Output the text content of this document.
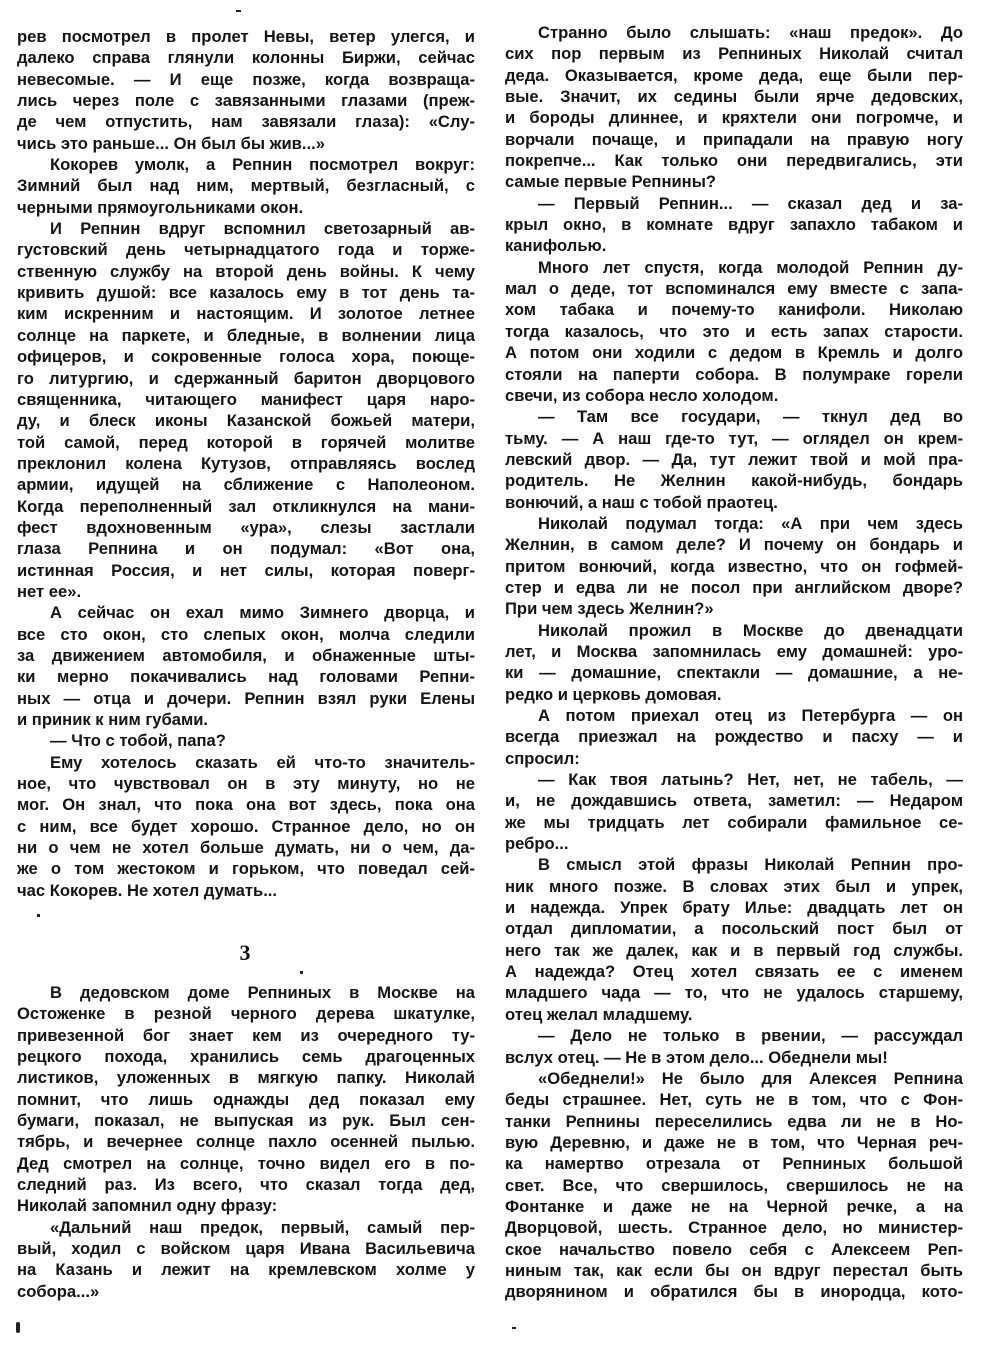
рев посмотрел в пролет Невы, ветер улегся, и
далеко справа глянули колонны Биржи, сейчас
невесомые. — И еще позже, когда возвраща-
лись через поле с завязанными глазами (преж-
де чем отпустить, нам завязали глаза): «Слу-
чись это раньше... Он был бы жив...»
Кокорев умолк, а Репнин посмотрел вокруг:
Зимний был над ним, мертвый, безгласный, с
черными прямоугольниками окон.
И Репнин вдруг вспомнил светозарный ав-
густовский день четырнадцатого года и торже-
ственную службу на второй день войны. К чему
кривить душой: все казалось ему в тот день та-
ким искренним и настоящим. И золотое летнее
солнце на паркете, и бледные, в волнении лица
офицеров, и сокровенные голоса хора, поюще-
го литургию, и сдержанный баритон дворцового
священника, читающего манифест царя наро-
ду, и блеск иконы Казанской божьей матери,
той самой, перед которой в горячей молитве
преклонил колена Кутузов, отправляясь вослед
армии, идущей на сближение с Наполеоном.
Когда переполненный зал откликнулся на мани-
фест вдохновенным «ура», слезы застлали
глаза Репнина и он подумал: «Вот она,
истинная Россия, и нет силы, которая поверг-
нет ее».
А сейчас он ехал мимо Зимнего дворца, и
все сто окон, сто слепых окон, молча следили
за движением автомобиля, и обнаженные шты-
ки мерно покачивались над головами Репни-
ных — отца и дочери. Репнин взял руки Елены
и приник к ним губами.
— Что с тобой, папа?
Ему хотелось сказать ей что-то значитель-
ное, что чувствовал он в эту минуту, но не
мог. Он знал, что пока она вот здесь, пока она
с ним, все будет хорошо. Странное дело, но он
ни о чем не хотел больше думать, ни о чем, да-
же о том жестоком и горьком, что поведал сей-
час Кокорев. Не хотел думать...
3
В дедовском доме Репниных в Москве на
Остоженке в резной черного дерева шкатулке,
привезенной бог знает кем из очередного ту-
рецкого похода, хранились семь драгоценных
листиков, уложенных в мягкую папку. Николай
помнит, что лишь однажды дед показал ему
бумаги, показал, не выпуская из рук. Был сен-
тябрь, и вечернее солнце пахло осенней пылью.
Дед смотрел на солнце, точно видел его в по-
следний раз. Из всего, что сказал тогда дед,
Николай запомнил одну фразу:
«Дальний наш предок, первый, самый пер-
вый, ходил с войском царя Ивана Васильевича
на Казань и лежит на кремлевском холме у
собора...»
Странно было слышать: «наш предок». До
сих пор первым из Репниных Николай считал
деда. Оказывается, кроме деда, еще были пер-
вые. Значит, их седины были ярче дедовских,
и бороды длиннее, и кряхтели они погромче, и
ворчали почаще, и припадали на правую ногу
покрепче... Как только они передвигались, эти
самые первые Репнины?
— Первый Репнин... — сказал дед и за-
крыл окно, в комнате вдруг запахло табаком и
канифолью.
Много лет спустя, когда молодой Репнин ду-
мал о деде, тот вспоминался ему вместе с запа-
хом табака и почему-то канифоли. Николаю
тогда казалось, что это и есть запах старости.
А потом они ходили с дедом в Кремль и долго
стояли на паперти собора. В полумраке горели
свечи, из собора несло холодом.
— Там все государи, — ткнул дед во
тьму. — А наш где-то тут, — оглядел он крем-
левский двор. — Да, тут лежит твой и мой пра-
родитель. Не Желнин какой-нибудь, бондарь
вонючий, а наш с тобой праотец.
Николай подумал тогда: «А при чем здесь
Желнин, в самом деле? И почему он бондарь и
притом вонючий, когда известно, что он гофмей-
стер и едва ли не посол при английском дворе?
При чем здесь Желнин?»
Николай прожил в Москве до двенадцати
лет, и Москва запомнилась ему домашней: уро-
ки — домашние, спектакли — домашние, а не-
редко и церковь домовая.
А потом приехал отец из Петербурга — он
всегда приезжал на рождество и пасху — и
спросил:
— Как твоя латынь? Нет, нет, не табель, —
и, не дождавшись ответа, заметил: — Недаром
же мы тридцать лет собирали фамильное се-
ребро...
В смысл этой фразы Николай Репнин про-
ник много позже. В словах этих был и упрек,
и надежда. Упрек брату Илье: двадцать лет он
отдал дипломатии, а посольский пост был от
него так же далек, как и в первый год службы.
А надежда? Отец хотел связать ее с именем
младшего чада — то, что не удалось старшему,
отец желал младшему.
— Дело не только в рвении, — рассуждал
вслух отец. — Не в этом дело... Обеднели мы!
«Обеднели!» Не было для Алексея Репнина
беды страшнее. Нет, суть не в том, что с Фон-
танки Репнины переселились едва ли не в Но-
вую Деревню, и даже не в том, что Черная реч-
ка намертво отрезала от Репниных большой
свет. Все, что свершилось, свершилось не на
Фонтанке и даже не на Черной речке, а на
Дворцовой, шесть. Странное дело, но министер-
ское начальство повело себя с Алексеем Реп-
ниным так, как если бы он вдруг перестал быть
дворянином и обратился бы в инородца, кото-
